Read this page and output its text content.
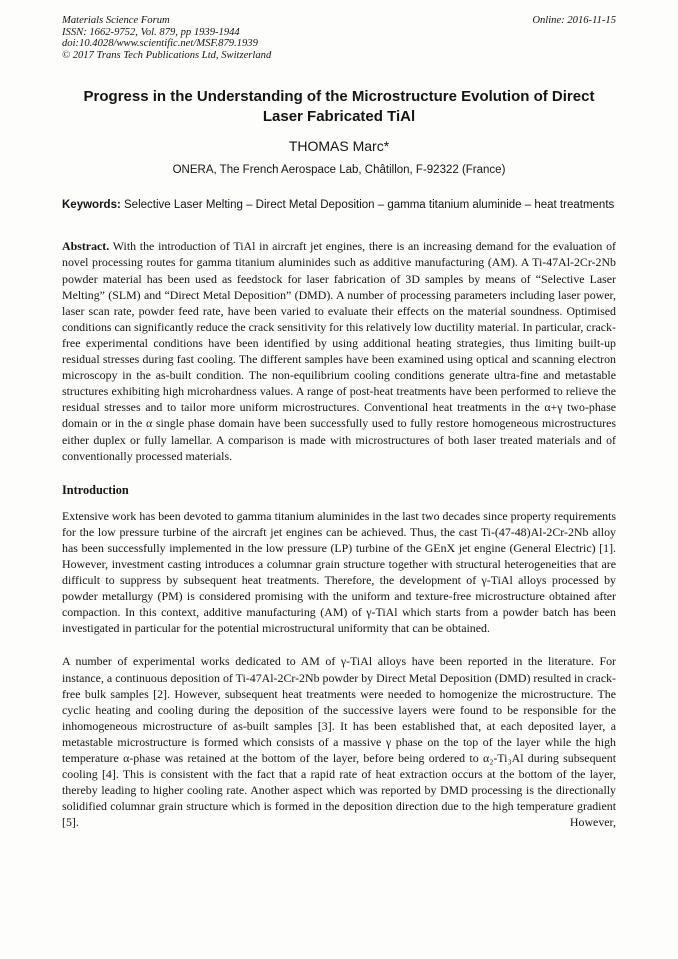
Materials Science Forum
ISSN: 1662-9752, Vol. 879, pp 1939-1944
doi:10.4028/www.scientific.net/MSF.879.1939
© 2017 Trans Tech Publications Ltd, Switzerland
Online: 2016-11-15
Progress in the Understanding of the Microstructure Evolution of Direct Laser Fabricated TiAl
THOMAS Marc*
ONERA, The French Aerospace Lab, Châtillon, F-92322 (France)

Keywords: Selective Laser Melting – Direct Metal Deposition – gamma titanium aluminide – heat treatments

Abstract. With the introduction of TiAl in aircraft jet engines, there is an increasing demand for the evaluation of novel processing routes for gamma titanium aluminides such as additive manufacturing (AM). A Ti-47Al-2Cr-2Nb powder material has been used as feedstock for laser fabrication of 3D samples by means of “Selective Laser Melting” (SLM) and “Direct Metal Deposition” (DMD). A number of processing parameters including laser power, laser scan rate, powder feed rate, have been varied to evaluate their effects on the material soundness. Optimised conditions can significantly reduce the crack sensitivity for this relatively low ductility material. In particular, crack-free experimental conditions have been identified by using additional heating strategies, thus limiting built-up residual stresses during fast cooling. The different samples have been examined using optical and scanning electron microscopy in the as-built condition. The non-equilibrium cooling conditions generate ultra-fine and metastable structures exhibiting high microhardness values. A range of post-heat treatments have been performed to relieve the residual stresses and to tailor more uniform microstructures. Conventional heat treatments in the α+γ two-phase domain or in the α single phase domain have been successfully used to fully restore homogeneous microstructures either duplex or fully lamellar. A comparison is made with microstructures of both laser treated materials and of conventionally processed materials.

Introduction

Extensive work has been devoted to gamma titanium aluminides in the last two decades since property requirements for the low pressure turbine of the aircraft jet engines can be achieved. Thus, the cast Ti-(47-48)Al-2Cr-2Nb alloy has been successfully implemented in the low pressure (LP) turbine of the GEnX jet engine (General Electric) [1]. However, investment casting introduces a columnar grain structure together with structural heterogeneities that are difficult to suppress by subsequent heat treatments. Therefore, the development of γ-TiAl alloys processed by powder metallurgy (PM) is considered promising with the uniform and texture-free microstructure obtained after compaction. In this context, additive manufacturing (AM) of γ-TiAl which starts from a powder batch has been investigated in particular for the potential microstructural uniformity that can be obtained.

A number of experimental works dedicated to AM of γ-TiAl alloys have been reported in the literature. For instance, a continuous deposition of Ti-47Al-2Cr-2Nb powder by Direct Metal Deposition (DMD) resulted in crack-free bulk samples [2]. However, subsequent heat treatments were needed to homogenize the microstructure. The cyclic heating and cooling during the deposition of the successive layers were found to be responsible for the inhomogeneous microstructure of as-built samples [3]. It has been established that, at each deposited layer, a metastable microstructure is formed which consists of a massive γ phase on the top of the layer while the high temperature α-phase was retained at the bottom of the layer, before being ordered to α₂-Ti₃Al during subsequent cooling [4]. This is consistent with the fact that a rapid rate of heat extraction occurs at the bottom of the layer, thereby leading to higher cooling rate. Another aspect which was reported by DMD processing is the directionally solidified columnar grain structure which is formed in the deposition direction due to the high temperature gradient [5]. However,
